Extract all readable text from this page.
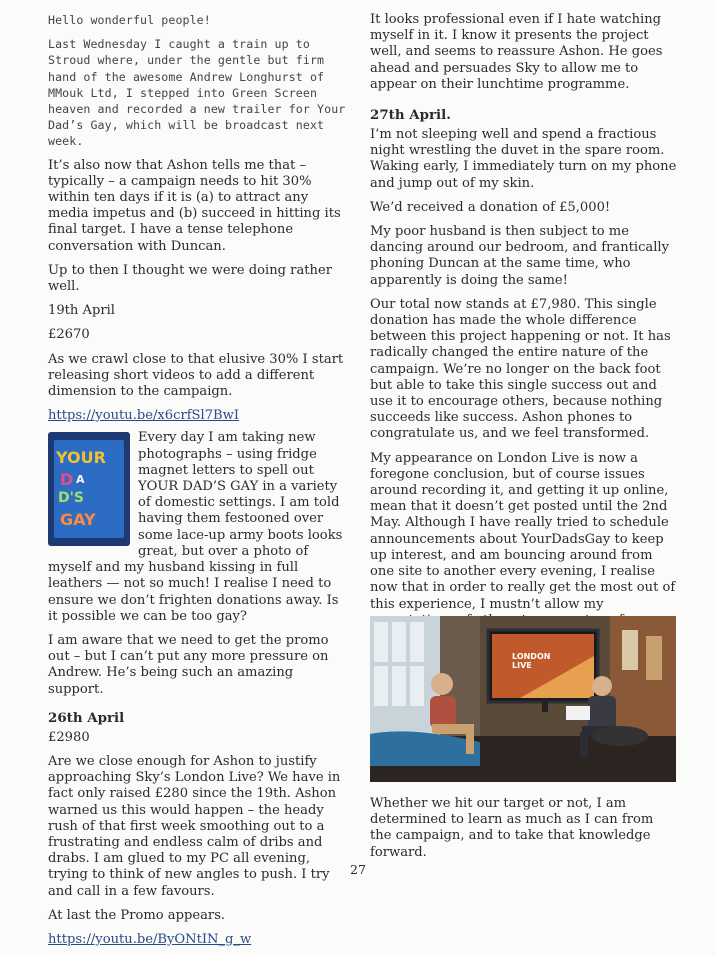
Hello wonderful people!

Last Wednesday I caught a train up to Stroud where, under the gentle but firm hand of the awesome Andrew Longhurst of MMouk Ltd, I stepped into Green Screen heaven and recorded a new trailer for Your Dad’s Gay, which will be broadcast next week.

It’s also now that Ashon tells me that – typically – a campaign needs to hit 30% within ten days if it is (a) to attract any media impetus and (b) succeed in hitting its final target. I have a tense telephone conversation with Duncan.

Up to then I thought we were doing rather well.

19th April

£2670

As we crawl close to that elusive 30% I start releasing short videos to add a different dimension to the campaign.

https://youtu.be/x6crfSl7BwI

YOUR
D A
D'S
GAY

Every day I am taking new photographs – using fridge magnet letters to spell out YOUR DAD’S GAY in a variety of domestic settings. I am told having them festooned over some lace-up army boots looks great, but over a photo of myself and my husband kissing in full leathers — not so much! I realise I need to ensure we don’t frighten donations away. Is it possible we can be too gay?

I am aware that we need to get the promo out – but I can’t put any more pressure on Andrew. He’s being such an amazing support.

26th April

£2980

Are we close enough for Ashon to justify approaching Sky’s London Live? We have in fact only raised £280 since the 19th. Ashon warned us this would happen – the heady rush of that first week smoothing out to a frustrating and endless calm of dribs and drabs. I am glued to my PC all evening, trying to think of new angles to push. I try and call in a few favours.

At last the Promo appears.

https://youtu.be/ByONtIN_g_w

It looks professional even if I hate watching myself in it. I know it presents the project well, and seems to reassure Ashon. He goes ahead and persuades Sky to allow me to appear on their lunchtime programme.

27th April.

I’m not sleeping well and spend a fractious night wrestling the duvet in the spare room. Waking early, I immediately turn on my phone and jump out of my skin.

We’d received a donation of £5,000!

My poor husband is then subject to me dancing around our bedroom, and frantically phoning Duncan at the same time, who apparently is doing the same!

Our total now stands at £7,980. This single donation has made the whole difference between this project happening or not. It has radically changed the entire nature of the campaign. We’re no longer on the back foot but able to take this single success out and use it to encourage others, because nothing succeeds like success. Ashon phones to congratulate us, and we feel transformed.

My appearance on London Live is now a foregone conclusion, but of course issues around recording it, and getting it up online, mean that it doesn’t get posted until the 2nd May. Although I have really tried to schedule announcements about YourDadsGay to keep up interest, and am bouncing around from one site to another every evening, I realise now that in order to really get the most out of this experience, I mustn’t allow my

LONDON LIVE

Whether we hit our target or not, I am determined to learn as much as I can from the campaign, and to take that knowledge forward.

27
